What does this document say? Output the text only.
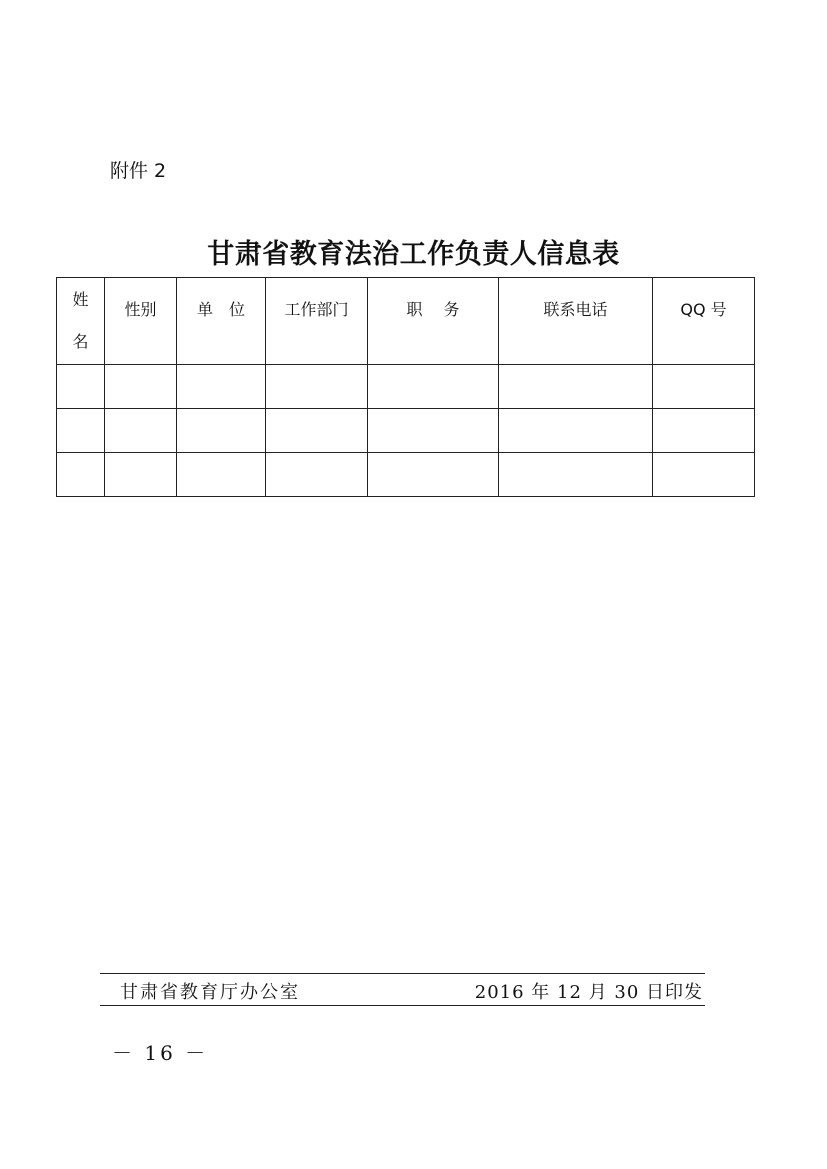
附件 2
甘肃省教育法治工作负责人信息表
姓名	性别	单　位	工作部门	职　 务	联系电话	QQ 号

甘肃省教育厅办公室	2016 年 12 月 30 日印发
－ 16 －
